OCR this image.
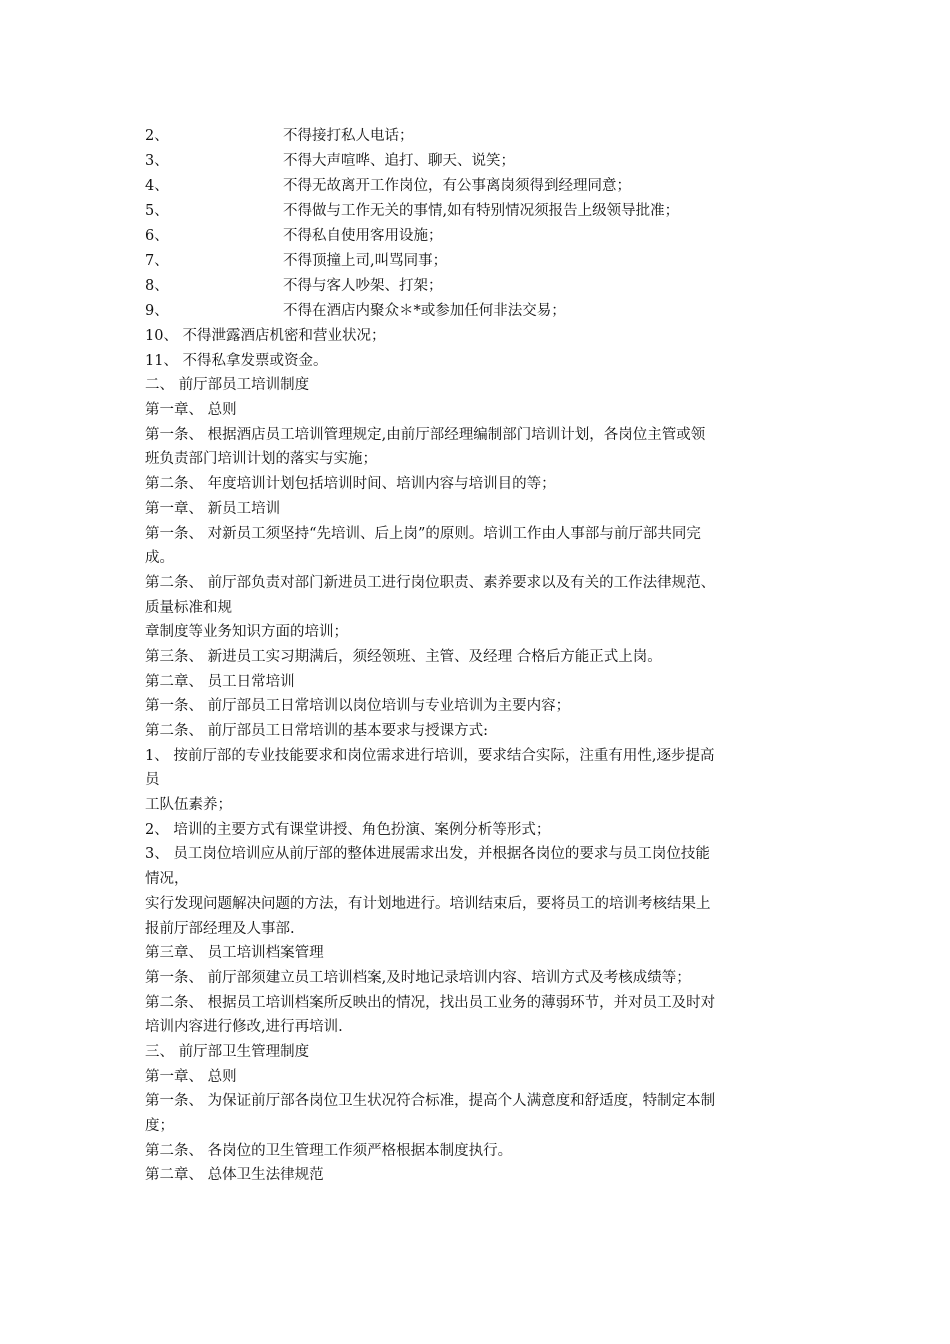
2、	不得接打私人电话；
3、	不得大声喧哗、追打、聊天、说笑；
4、	不得无故离开工作岗位，有公事离岗须得到经理同意；
5、	不得做与工作无关的事情,如有特别情况须报告上级领导批准；
6、	不得私自使用客用设施；
7、	不得顶撞上司,叫骂同事；
8、	不得与客人吵架、打架；
9、	不得在酒店内聚众＊*或参加任何非法交易；
10、 不得泄露酒店机密和营业状况；
11、 不得私拿发票或资金。
二、 前厅部员工培训制度
第一章、 总则
第一条、 根据酒店员工培训管理规定,由前厅部经理编制部门培训计划，各岗位主管或领
班负责部门培训计划的落实与实施；
第二条、 年度培训计划包括培训时间、培训内容与培训目的等；
第一章、 新员工培训
第一条、 对新员工须坚持“先培训、后上岗”的原则。培训工作由人事部与前厅部共同完
成。
第二条、 前厅部负责对部门新进员工进行岗位职责、素养要求以及有关的工作法律规范、
质量标准和规
章制度等业务知识方面的培训；
第三条、 新进员工实习期满后，须经领班、主管、及经理 合格后方能正式上岗。
第二章、 员工日常培训
第一条、 前厅部员工日常培训以岗位培训与专业培训为主要内容；
第二条、 前厅部员工日常培训的基本要求与授课方式:
1、 按前厅部的专业技能要求和岗位需求进行培训，要求结合实际，注重有用性,逐步提高
员
工队伍素养；
2、 培训的主要方式有课堂讲授、角色扮演、案例分析等形式；
3、 员工岗位培训应从前厅部的整体进展需求出发，并根据各岗位的要求与员工岗位技能
情况，
实行发现问题解决问题的方法，有计划地进行。培训结束后，要将员工的培训考核结果上
报前厅部经理及人事部.
第三章、 员工培训档案管理
第一条、 前厅部须建立员工培训档案,及时地记录培训内容、培训方式及考核成绩等；
第二条、 根据员工培训档案所反映出的情况，找出员工业务的薄弱环节，并对员工及时对
培训内容进行修改,进行再培训.
三、 前厅部卫生管理制度
第一章、 总则
第一条、 为保证前厅部各岗位卫生状况符合标准，提高个人满意度和舒适度，特制定本制
度；
第二条、 各岗位的卫生管理工作须严格根据本制度执行。
第二章、 总体卫生法律规范
